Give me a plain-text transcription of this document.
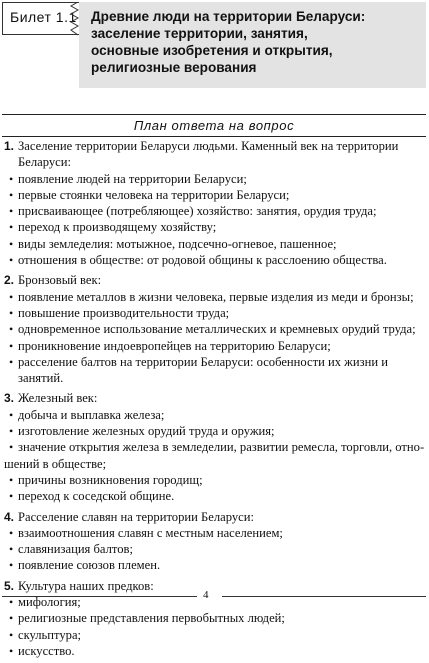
Билет 1.1 Древние люди на территории Беларуси:
заселение территории, занятия,
основные изобретения и открытия,
религиозные верования
План ответа на вопрос
1. Заселение территории Беларуси людьми. Каменный век на территории Беларуси:
• появление людей на территории Беларуси;
• первые стоянки человека на территории Беларуси;
• присваивающее (потребляющее) хозяйство: занятия, орудия труда;
• переход к производящему хозяйству;
• виды земледелия: мотыжное, подсечно-огневое, пашенное;
• отношения в обществе: от родовой общины к расслоению общества.
2. Бронзовый век:
• появление металлов в жизни человека, первые изделия из меди и бронзы;
• повышение производительности труда;
• одновременное использование металлических и кремневых орудий труда;
• проникновение индоевропейцев на территорию Беларуси;
• расселение балтов на территории Беларуси: особенности их жизни и занятий.
3. Железный век:
• добыча и выплавка железа;
• изготовление железных орудий труда и оружия;
• значение открытия железа в земледелии, развитии ремесла, торговли, отно-
шений в обществе;
• причины возникновения городищ;
• переход к соседской общине.
4. Расселение славян на территории Беларуси:
• взаимоотношения славян с местным населением;
• славянизация балтов;
• появление союзов племен.
5. Культура наших предков:
• мифология;
• религиозные представления первобытных людей;
• скульптура;
• искусство.
4
